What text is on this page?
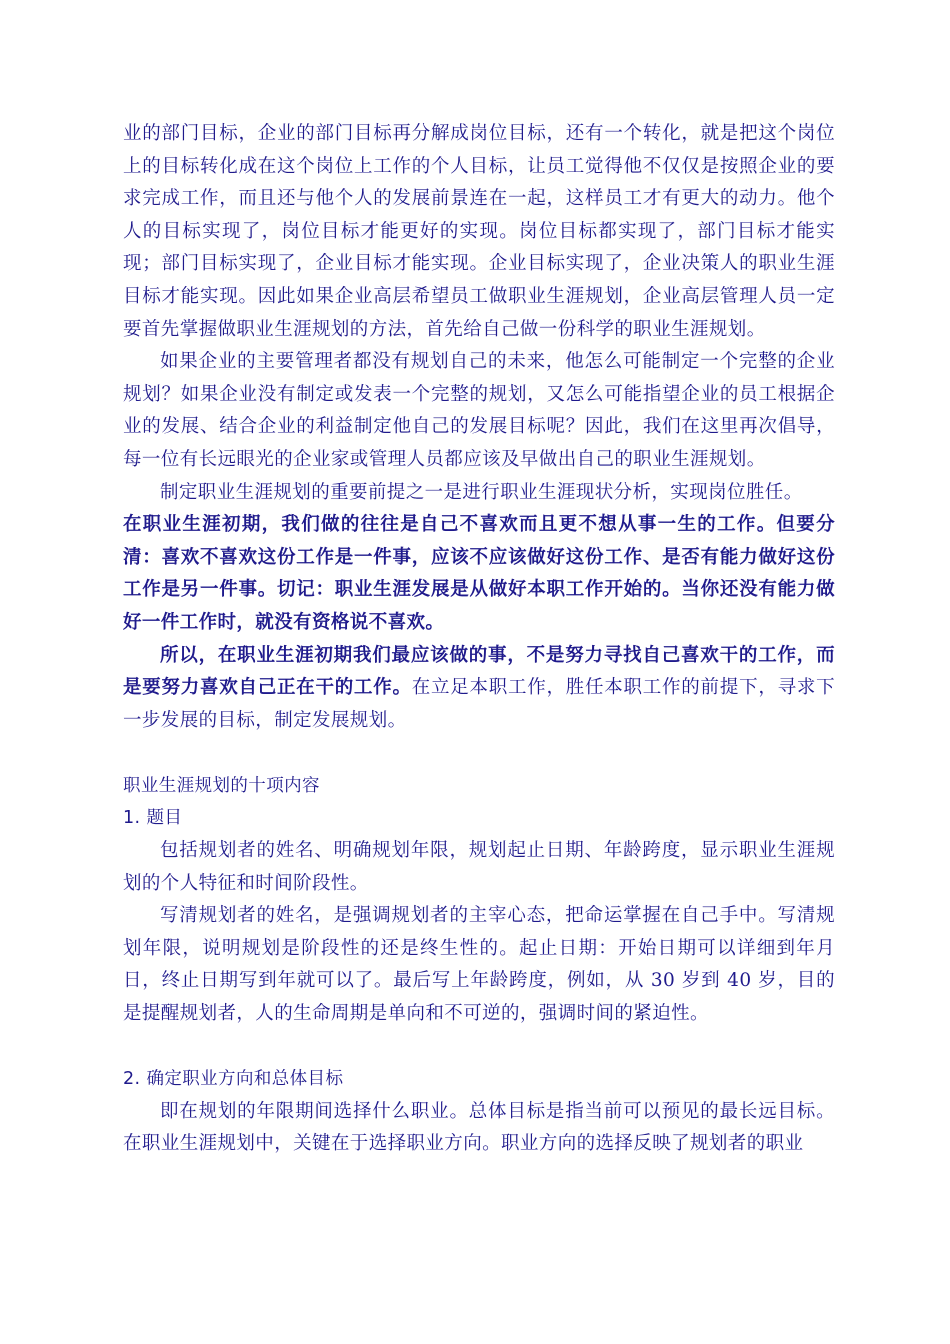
业的部门目标，企业的部门目标再分解成岗位目标，还有一个转化，就是把这个岗位上的目标转化成在这个岗位上工作的个人目标，让员工觉得他不仅仅是按照企业的要求完成工作，而且还与他个人的发展前景连在一起，这样员工才有更大的动力。他个人的目标实现了，岗位目标才能更好的实现。岗位目标都实现了，部门目标才能实现；部门目标实现了，企业目标才能实现。企业目标实现了，企业决策人的职业生涯目标才能实现。因此如果企业高层希望员工做职业生涯规划，企业高层管理人员一定要首先掌握做职业生涯规划的方法，首先给自己做一份科学的职业生涯规划。

如果企业的主要管理者都没有规划自己的未来，他怎么可能制定一个完整的企业规划？如果企业没有制定或发表一个完整的规划，又怎么可能指望企业的员工根据企业的发展、结合企业的利益制定他自己的发展目标呢？因此，我们在这里再次倡导，每一位有长远眼光的企业家或管理人员都应该及早做出自己的职业生涯规划。

制定职业生涯规划的重要前提之一是进行职业生涯现状分析，实现岗位胜任。

在职业生涯初期，我们做的往往是自己不喜欢而且更不想从事一生的工作。但要分清：喜欢不喜欢这份工作是一件事，应该不应该做好这份工作、是否有能力做好这份工作是另一件事。切记：职业生涯发展是从做好本职工作开始的。当你还没有能力做好一件工作时，就没有资格说不喜欢。

所以，在职业生涯初期我们最应该做的事，不是努力寻找自己喜欢干的工作，而是要努力喜欢自己正在干的工作。在立足本职工作，胜任本职工作的前提下，寻求下一步发展的目标，制定发展规划。

职业生涯规划的十项内容

1. 题目

包括规划者的姓名、明确规划年限，规划起止日期、年龄跨度，显示职业生涯规划的个人特征和时间阶段性。

写清规划者的姓名，是强调规划者的主宰心态，把命运掌握在自己手中。写清规划年限，说明规划是阶段性的还是终生性的。起止日期：开始日期可以详细到年月日，终止日期写到年就可以了。最后写上年龄跨度，例如，从 30 岁到 40 岁，目的是提醒规划者，人的生命周期是单向和不可逆的，强调时间的紧迫性。

2. 确定职业方向和总体目标

即在规划的年限期间选择什么职业。总体目标是指当前可以预见的最长远目标。在职业生涯规划中，关键在于选择职业方向。职业方向的选择反映了规划者的职业
